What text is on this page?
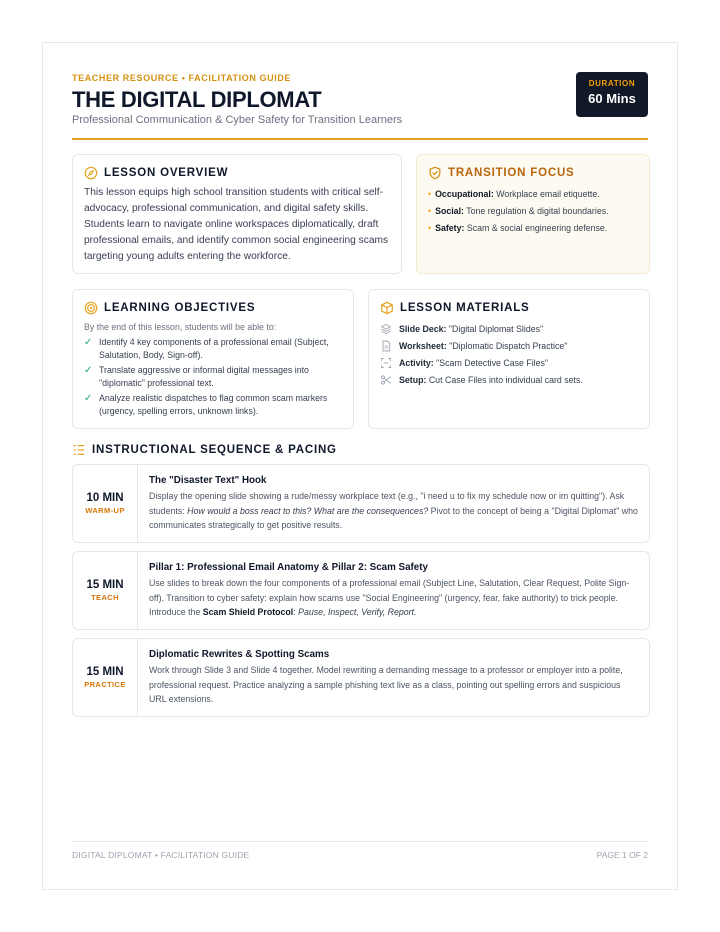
TEACHER RESOURCE • FACILITATION GUIDE
THE DIGITAL DIPLOMAT
Professional Communication & Cyber Safety for Transition Learners
DURATION
60 Mins
LESSON OVERVIEW
This lesson equips high school transition students with critical self-advocacy, professional communication, and digital safety skills. Students learn to navigate online workspaces diplomatically, draft professional emails, and identify common social engineering scams targeting young adults entering the workforce.
TRANSITION FOCUS
• Occupational: Workplace email etiquette.
• Social: Tone regulation & digital boundaries.
• Safety: Scam & social engineering defense.
LEARNING OBJECTIVES
By the end of this lesson, students will be able to:
✓ Identify 4 key components of a professional email (Subject, Salutation, Body, Sign-off).
✓ Translate aggressive or informal digital messages into "diplomatic" professional text.
✓ Analyze realistic dispatches to flag common scam markers (urgency, spelling errors, unknown links).
LESSON MATERIALS
Slide Deck: "Digital Diplomat Slides"
Worksheet: "Diplomatic Dispatch Practice"
Activity: "Scam Detective Case Files"
Setup: Cut Case Files into individual card sets.
INSTRUCTIONAL SEQUENCE & PACING
10 MIN
WARM-UP
The "Disaster Text" Hook
Display the opening slide showing a rude/messy workplace text (e.g., "i need u to fix my schedule now or im quitting"). Ask students: How would a boss react to this? What are the consequences? Pivot to the concept of being a "Digital Diplomat" who communicates strategically to get positive results.
15 MIN
TEACH
Pillar 1: Professional Email Anatomy & Pillar 2: Scam Safety
Use slides to break down the four components of a professional email (Subject Line, Salutation, Clear Request, Polite Sign-off). Transition to cyber safety: explain how scams use "Social Engineering" (urgency, fear, fake authority) to trick people. Introduce the Scam Shield Protocol: Pause, Inspect, Verify, Report.
15 MIN
PRACTICE
Diplomatic Rewrites & Spotting Scams
Work through Slide 3 and Slide 4 together. Model rewriting a demanding message to a professor or employer into a polite, professional request. Practice analyzing a sample phishing text live as a class, pointing out spelling errors and suspicious URL extensions.
DIGITAL DIPLOMAT • FACILITATION GUIDE	PAGE 1 OF 2
